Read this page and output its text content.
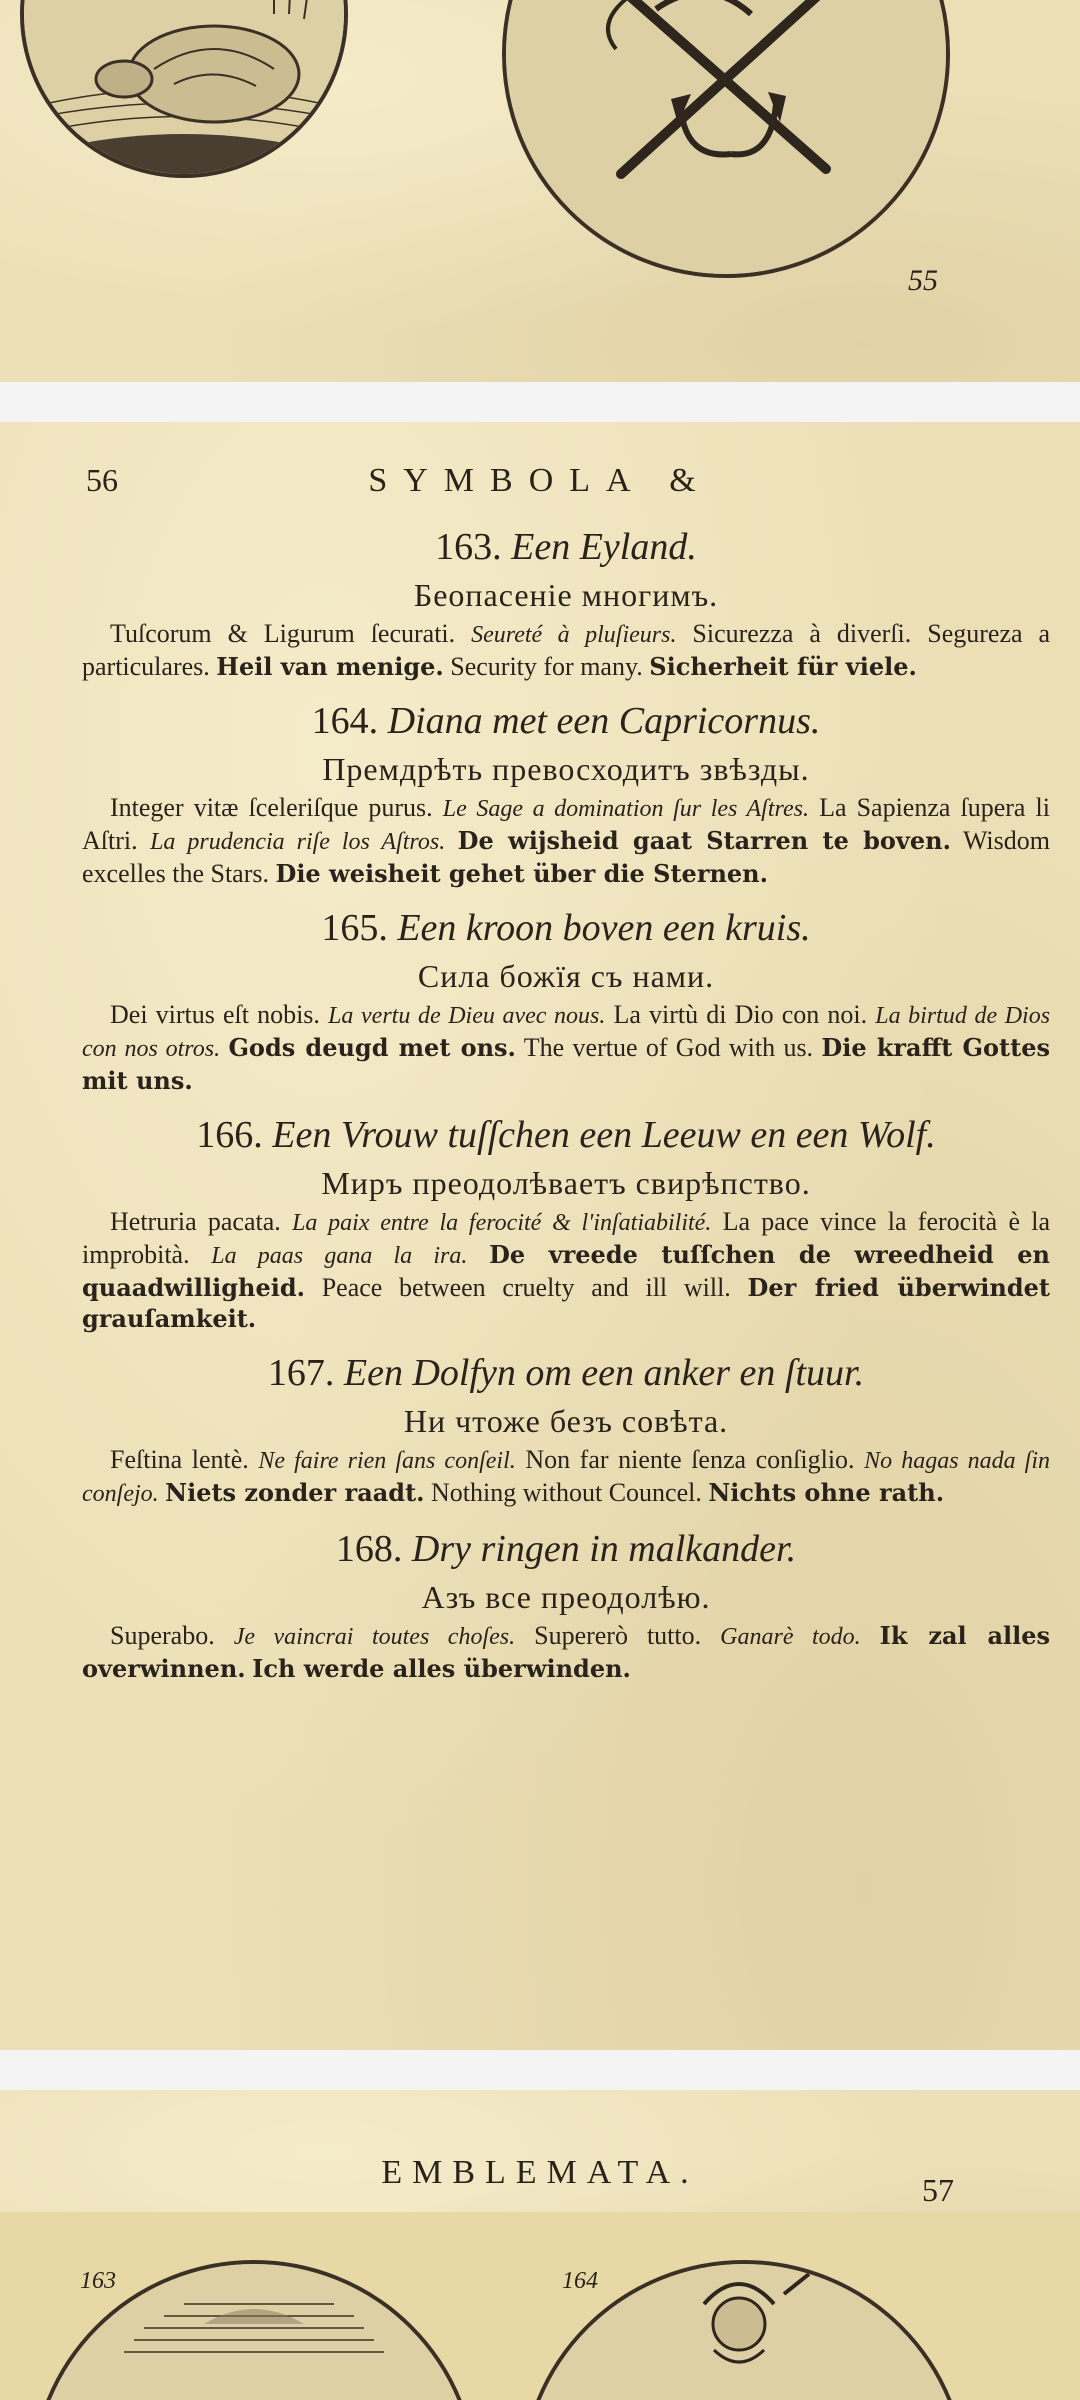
55
56	SYMBOLA &
163. Een Eyland.
Беопасеніе многимъ.
Tuſcorum & Ligurum ſecurati. Seureté à pluſieurs. Sicurezza à diverſi. Segureza a particulares. Heil van menige. Security for many. Sicherheit für viele.
164. Diana met een Capricornus.
Премдрѣть превосходитъ звѣзды.
Integer vitæ ſceleriſque purus. Le Sage a domination ſur les Aſtres. La Sapienza ſupera li Aſtri. La prudencia riſe los Aſtros. De wijsheid gaat Starren te boven. Wisdom excelles the Stars. Die weisheit gehet über die Sternen.
165. Een kroon boven een kruis.
Сила божїя съ нами.
Dei virtus eſt nobis. La vertu de Dieu avec nous. La virtù di Dio con noi. La birtud de Dios con nos otros. Gods deugd met ons. The vertue of God with us. Die krafft Gottes mit uns.
166. Een Vrouw tuſſchen een Leeuw en een Wolf.
Миръ преодолѣваетъ свирѣпство.
Hetruria pacata. La paix entre la ferocité & l'inſatiabilité. La pace vince la ferocità è la improbità. La paas gana la ira. De vreede tuſſchen de wreedheid en quaadwilligheid. Peace between cruelty and ill will. Der fried überwindet grauſamkeit.
167. Een Dolfyn om een anker en ſtuur.
Ни чтоже безъ совѣта.
Feſtina lentè. Ne faire rien ſans conſeil. Non far niente ſenza conſiglio. No hagas nada ſin conſejo. Niets zonder raadt. Nothing without Councel. Nichts ohne rath.
168. Dry ringen in malkander.
Азъ все преодолѣю.
Superabo. Je vaincrai toutes choſes. Supererò tutto. Ganarè todo. Ik zal alles overwinnen. Ich werde alles überwinden.
EMBLEMATA.	57
163	164
